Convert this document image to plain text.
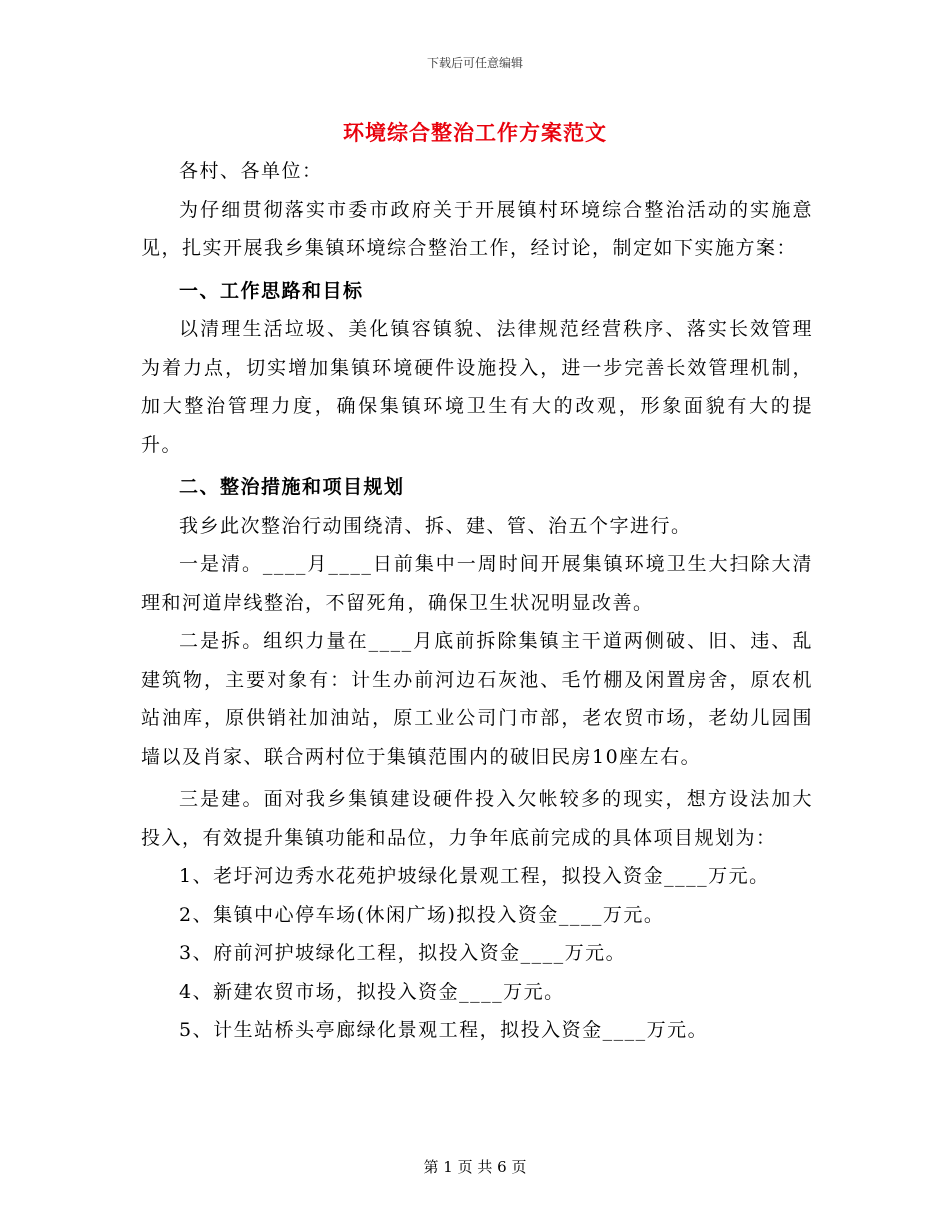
下载后可任意编辑
环境综合整治工作方案范文

各村、各单位：

为仔细贯彻落实市委市政府关于开展镇村环境综合整治活动的实施意见，扎实开展我乡集镇环境综合整治工作，经讨论，制定如下实施方案：

一、工作思路和目标

以清理生活垃圾、美化镇容镇貌、法律规范经营秩序、落实长效管理为着力点，切实增加集镇环境硬件设施投入，进一步完善长效管理机制，加大整治管理力度，确保集镇环境卫生有大的改观，形象面貌有大的提升。

二、整治措施和项目规划

我乡此次整治行动围绕清、拆、建、管、治五个字进行。

一是清。____月____日前集中一周时间开展集镇环境卫生大扫除大清理和河道岸线整治，不留死角，确保卫生状况明显改善。

二是拆。组织力量在____月底前拆除集镇主干道两侧破、旧、违、乱建筑物，主要对象有：计生办前河边石灰池、毛竹棚及闲置房舍，原农机站油库，原供销社加油站，原工业公司门市部，老农贸市场，老幼儿园围墙以及肖家、联合两村位于集镇范围内的破旧民房10座左右。

三是建。面对我乡集镇建设硬件投入欠帐较多的现实，想方设法加大投入，有效提升集镇功能和品位，力争年底前完成的具体项目规划为：

1、老圩河边秀水花苑护坡绿化景观工程，拟投入资金____万元。

2、集镇中心停车场(休闲广场)拟投入资金____万元。

3、府前河护坡绿化工程，拟投入资金____万元。

4、新建农贸市场，拟投入资金____万元。

5、计生站桥头亭廊绿化景观工程，拟投入资金____万元。

第 1 页 共 6 页
